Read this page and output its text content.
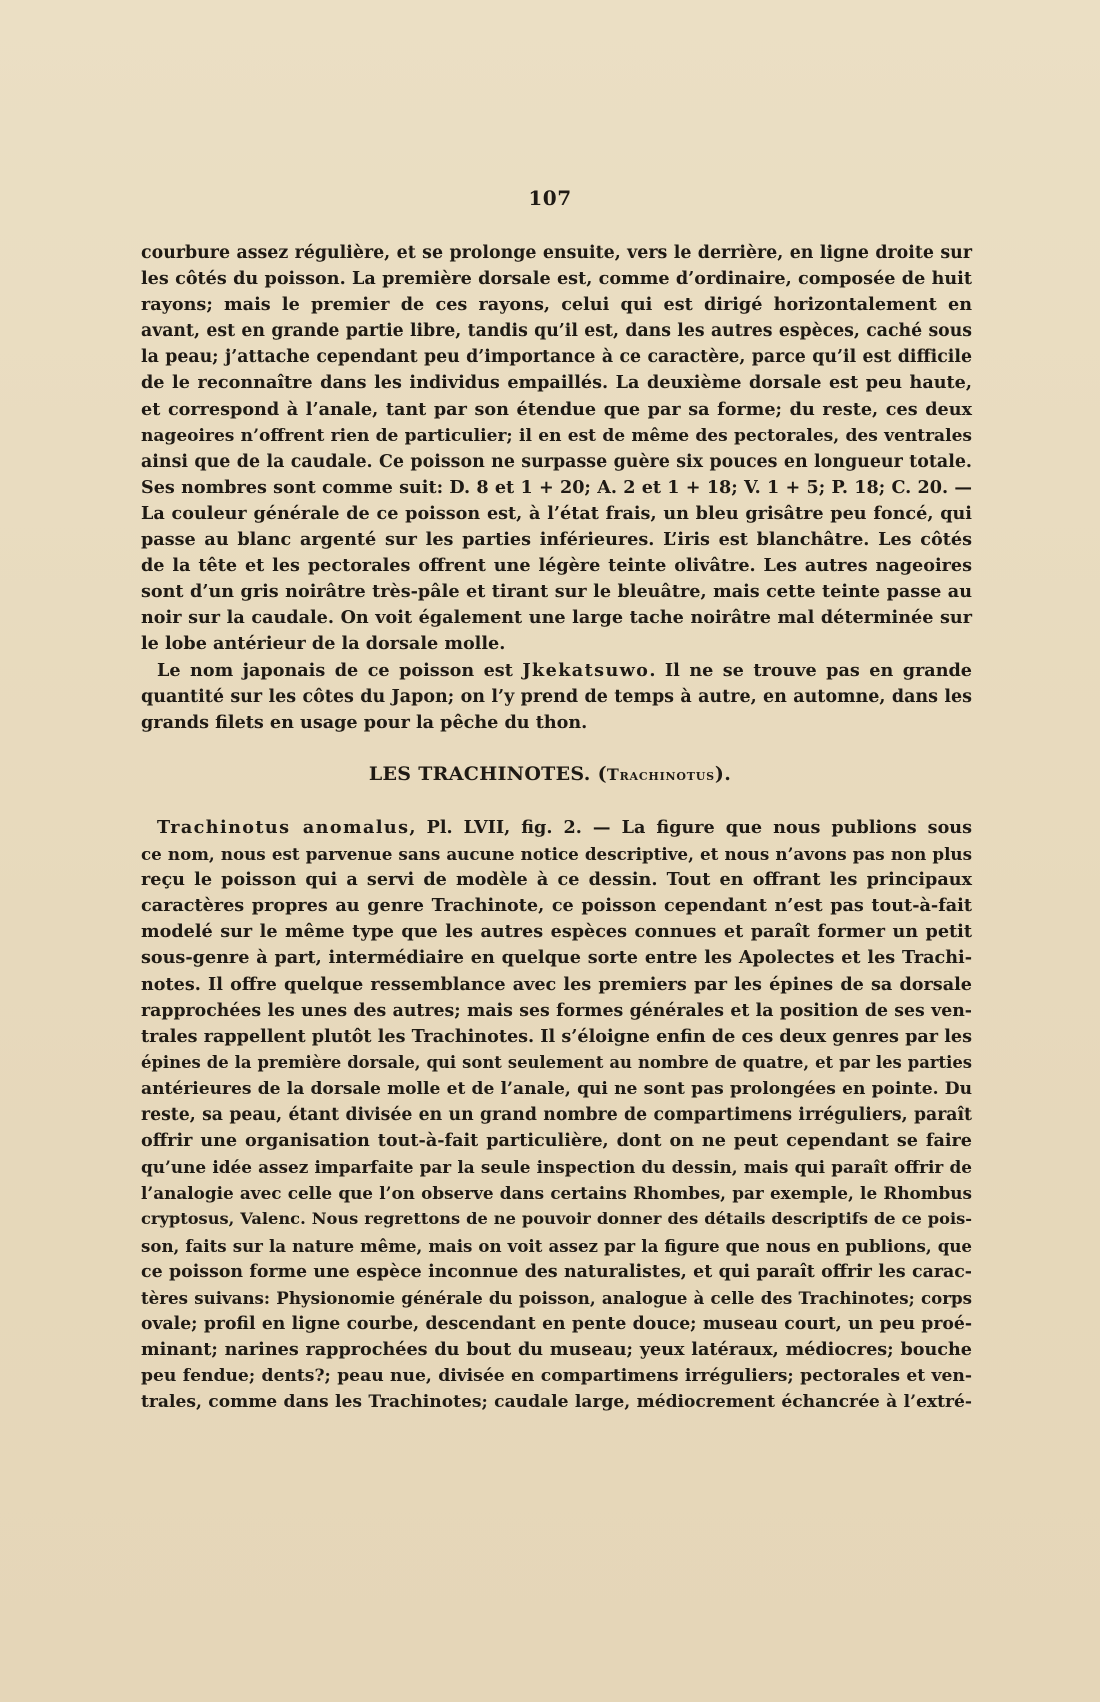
107
courbure assez régulière, et se prolonge ensuite, vers le derrière, en ligne droite sur
les côtés du poisson. La première dorsale est, comme d’ordinaire, composée de huit
rayons; mais le premier de ces rayons, celui qui est dirigé horizontalement en
avant, est en grande partie libre, tandis qu’il est, dans les autres espèces, caché sous
la peau; j’attache cependant peu d’importance à ce caractère, parce qu’il est difficile
de le reconnaître dans les individus empaillés. La deuxième dorsale est peu haute,
et correspond à l’anale, tant par son étendue que par sa forme; du reste, ces deux
nageoires n’offrent rien de particulier; il en est de même des pectorales, des ventrales
ainsi que de la caudale. Ce poisson ne surpasse guère six pouces en longueur totale.
Ses nombres sont comme suit: D. 8 et 1 + 20; A. 2 et 1 + 18; V. 1 + 5; P. 18; C. 20. —
La couleur générale de ce poisson est, à l’état frais, un bleu grisâtre peu foncé, qui
passe au blanc argenté sur les parties inférieures. L’iris est blanchâtre. Les côtés
de la tête et les pectorales offrent une légère teinte olivâtre. Les autres nageoires
sont d’un gris noirâtre très-pâle et tirant sur le bleuâtre, mais cette teinte passe au
noir sur la caudale. On voit également une large tache noirâtre mal déterminée sur
le lobe antérieur de la dorsale molle.
Le nom japonais de ce poisson est Jkekatsuwo. Il ne se trouve pas en grande
quantité sur les côtes du Japon; on l’y prend de temps à autre, en automne, dans les
grands filets en usage pour la pêche du thon.
LES TRACHINOTES. (Trachinotus).
Trachinotus anomalus, Pl. LVII, fig. 2. — La figure que nous publions sous
ce nom, nous est parvenue sans aucune notice descriptive, et nous n’avons pas non plus
reçu le poisson qui a servi de modèle à ce dessin. Tout en offrant les principaux
caractères propres au genre Trachinote, ce poisson cependant n’est pas tout-à-fait
modelé sur le même type que les autres espèces connues et paraît former un petit
sous-genre à part, intermédiaire en quelque sorte entre les Apolectes et les Trachi-
notes. Il offre quelque ressemblance avec les premiers par les épines de sa dorsale
rapprochées les unes des autres; mais ses formes générales et la position de ses ven-
trales rappellent plutôt les Trachinotes. Il s’éloigne enfin de ces deux genres par les
épines de la première dorsale, qui sont seulement au nombre de quatre, et par les parties
antérieures de la dorsale molle et de l’anale, qui ne sont pas prolongées en pointe. Du
reste, sa peau, étant divisée en un grand nombre de compartimens irréguliers, paraît
offrir une organisation tout-à-fait particulière, dont on ne peut cependant se faire
qu’une idée assez imparfaite par la seule inspection du dessin, mais qui paraît offrir de
l’analogie avec celle que l’on observe dans certains Rhombes, par exemple, le Rhombus
cryptosus, Valenc. Nous regrettons de ne pouvoir donner des détails descriptifs de ce pois-
son, faits sur la nature même, mais on voit assez par la figure que nous en publions, que
ce poisson forme une espèce inconnue des naturalistes, et qui paraît offrir les carac-
tères suivans: Physionomie générale du poisson, analogue à celle des Trachinotes; corps
ovale; profil en ligne courbe, descendant en pente douce; museau court, un peu proé-
minant; narines rapprochées du bout du museau; yeux latéraux, médiocres; bouche
peu fendue; dents?; peau nue, divisée en compartimens irréguliers; pectorales et ven-
trales, comme dans les Trachinotes; caudale large, médiocrement échancrée à l’extré-
